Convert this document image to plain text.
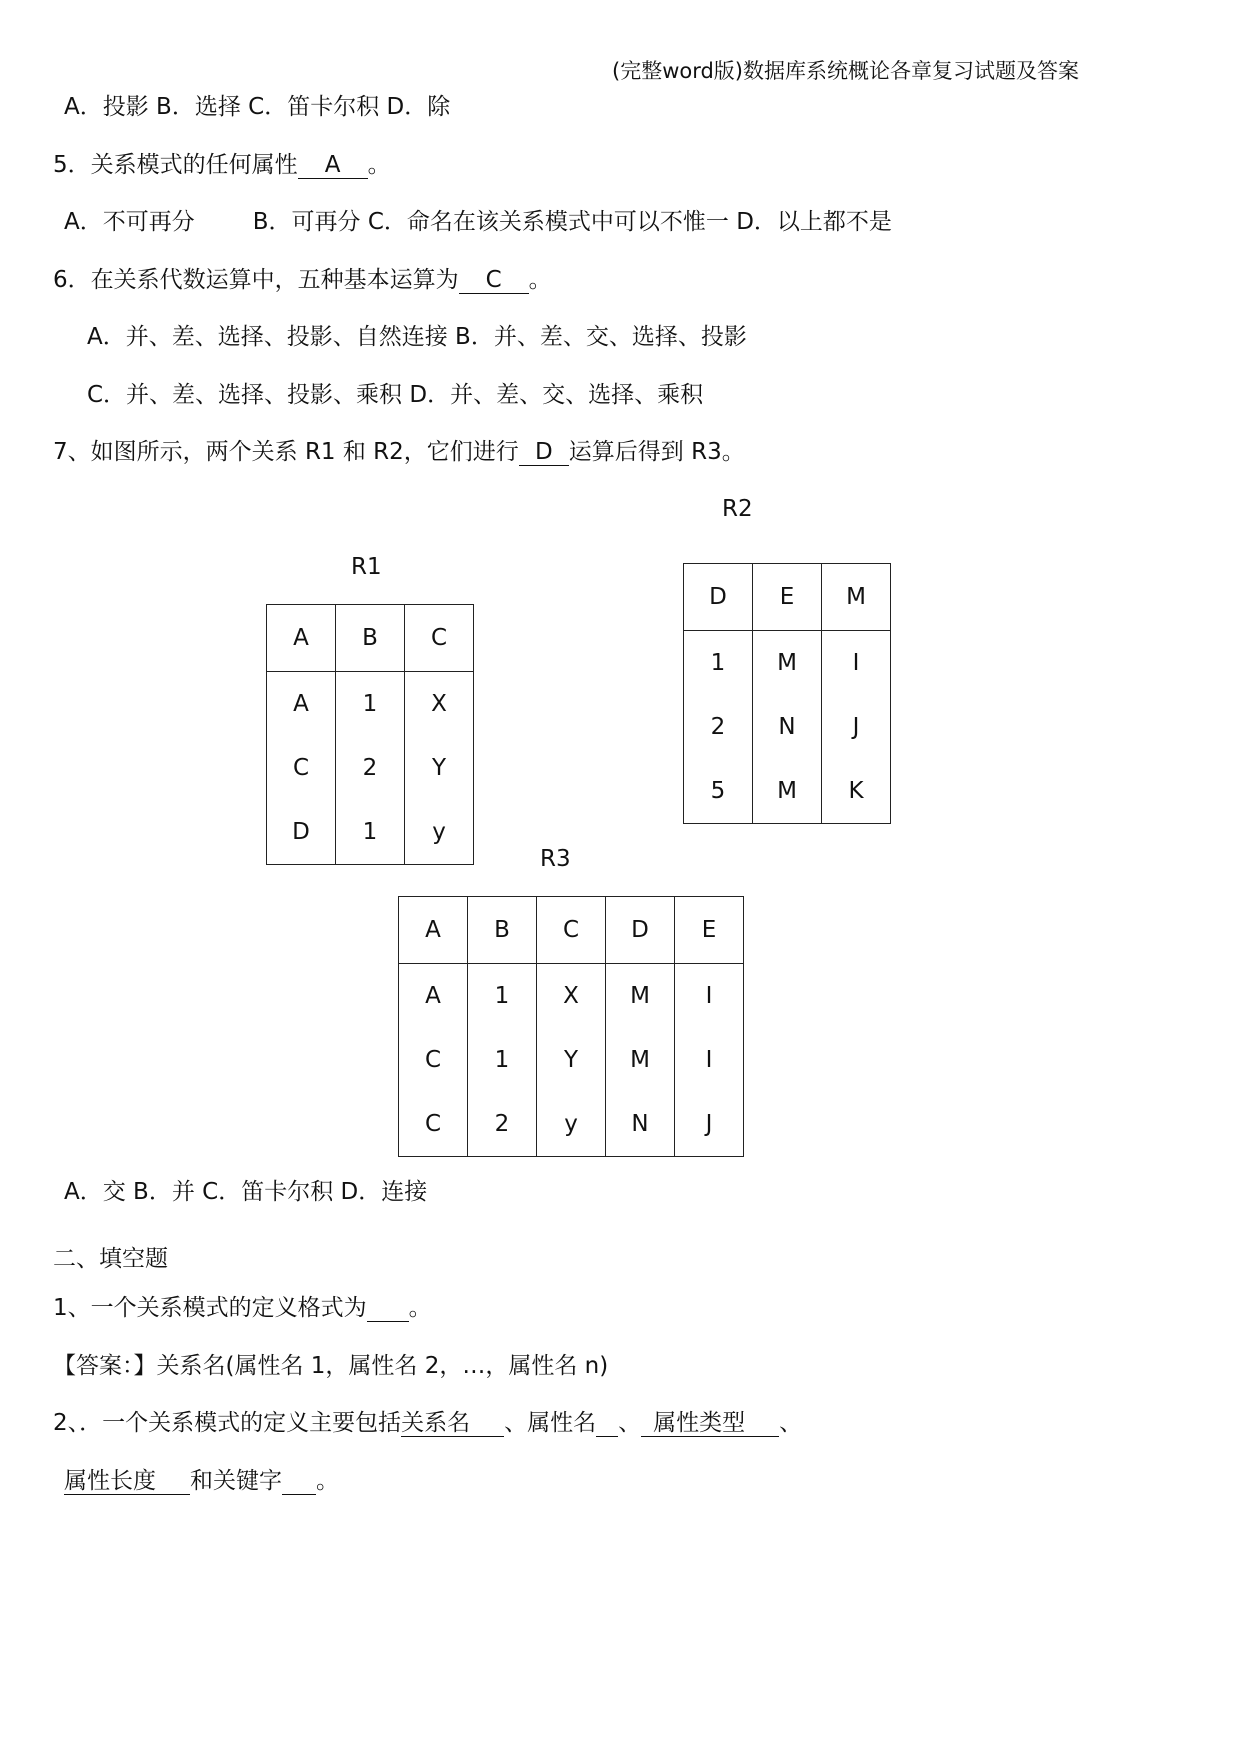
(完整word版)数据库系统概论各章复习试题及答案
A．投影 B．选择 C．笛卡尔积 D．除
5．关系模式的任何属性 A 。
A．不可再分	B．可再分 C．命名在该关系模式中可以不惟一 D．以上都不是
6．在关系代数运算中，五种基本运算为 C 。
A．并、差、选择、投影、自然连接 B．并、差、交、选择、投影
C．并、差、选择、投影、乘积 D．并、差、交、选择、乘积
7、如图所示，两个关系 R1 和 R2，它们进行 D 运算后得到 R3。
R2
R1
R3
A	B	C
A	1	X
C	2	Y
D	1	y
D	E	M
1	M	I
2	N	J
5	M	K
A	B	C	D	E
A	1	X	M	I
C	1	Y	M	I
C	2	y	N	J
A．交 B．并 C．笛卡尔积 D．连接
二、填空题
1、一个关系模式的定义格式为 。
【答案：】关系名(属性名 1，属性名 2，…，属性名 n)
2、．一个关系模式的定义主要包括关系名 、属性名 、 属性类型 、
属性长度 和关键字 。
